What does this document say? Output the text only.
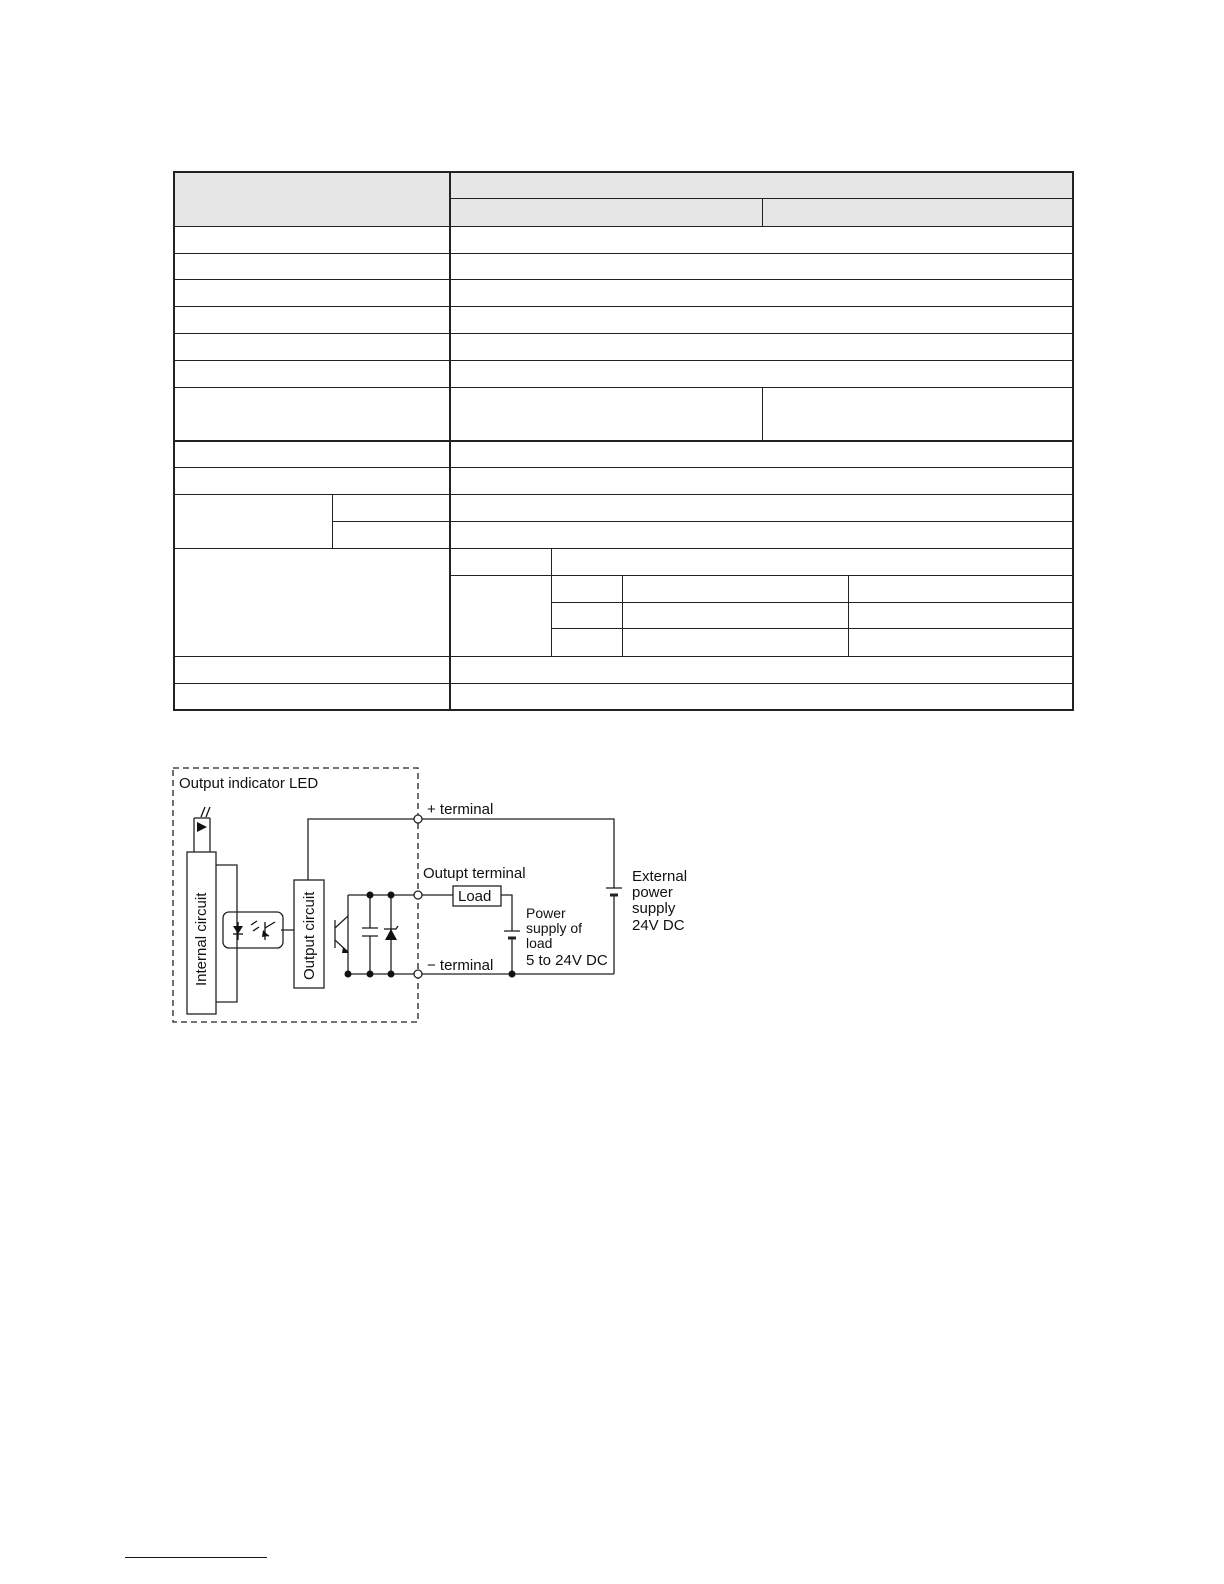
Output indicator LED
+ terminal
Outupt terminal
− terminal
Load
Internal circuit	Output circuit	Power
supply of
load
5 to 24V DC
External
power
supply
24V DC
